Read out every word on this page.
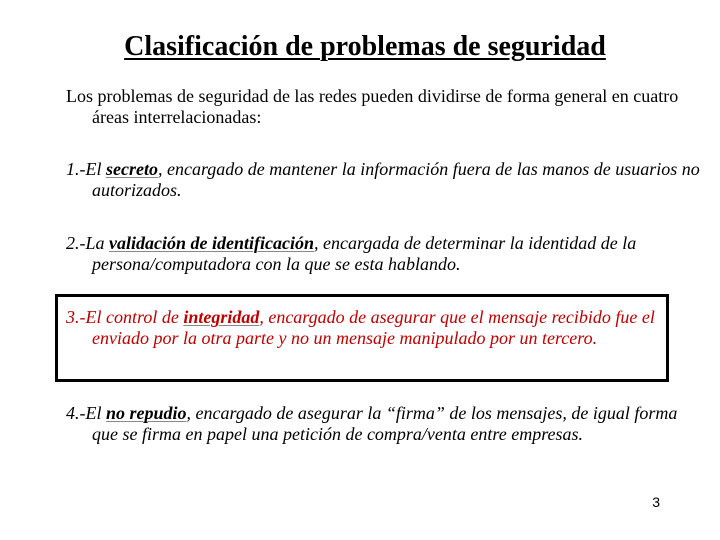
Clasificación de problemas de seguridad

Los problemas de seguridad de las redes pueden dividirse de forma general en cuatro áreas interrelacionadas:

1.-El secreto, encargado de mantener la información fuera de las manos de usuarios no autorizados.

2.-La validación de identificación, encargada de determinar la identidad de la persona/computadora con la que se esta hablando.

3.-El control de integridad, encargado de asegurar que el mensaje recibido fue el enviado por la otra parte y no un mensaje manipulado por un tercero.

4.-El no repudio, encargado de asegurar la “firma” de los mensajes, de igual forma que se firma en papel una petición de compra/venta entre empresas.

3
